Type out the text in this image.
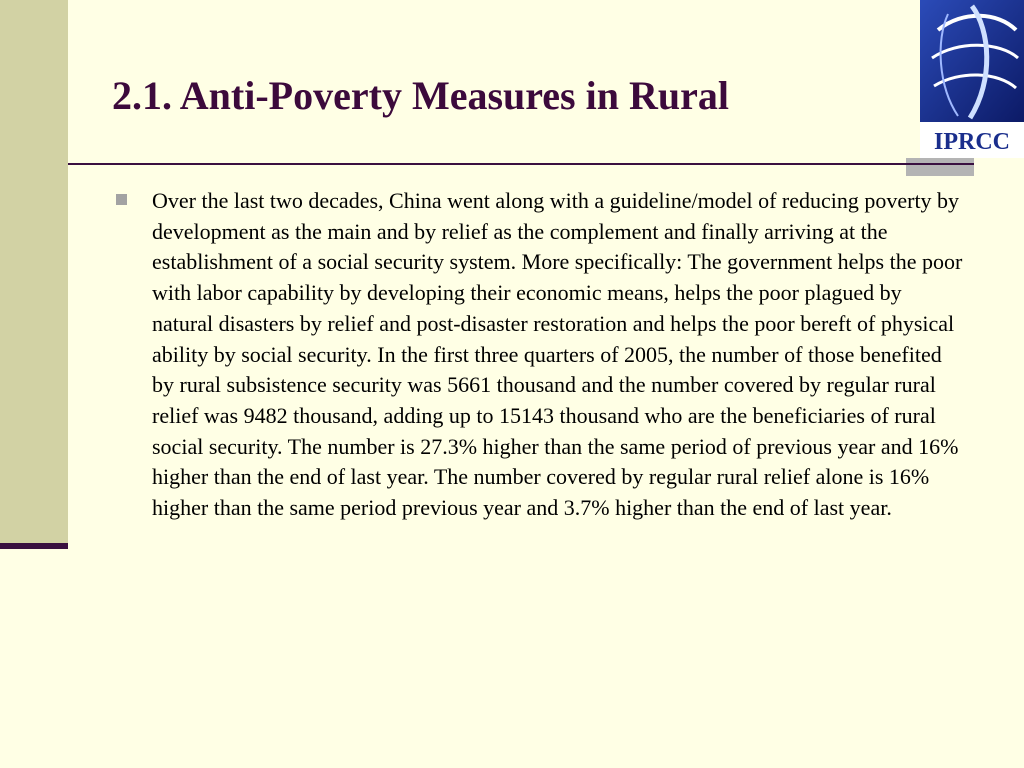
2.1. Anti-Poverty Measures in Rural
IPRCC

Over the last two decades, China went along with a guideline/model of reducing poverty by development as the main and by relief as the complement and finally arriving at the establishment of a social security system. More specifically: The government helps the poor with labor capability by developing their economic means, helps the poor plagued by natural disasters by relief and post-disaster restoration and helps the poor bereft of physical ability by social security. In the first three quarters of 2005, the number of those benefited by rural subsistence security was 5661 thousand and the number covered by regular rural relief was 9482 thousand, adding up to 15143 thousand who are the beneficiaries of rural social security. The number is 27.3% higher than the same period of previous year and 16% higher than the end of last year. The number covered by regular rural relief alone is 16% higher than the same period previous year and 3.7% higher than the end of last year.
